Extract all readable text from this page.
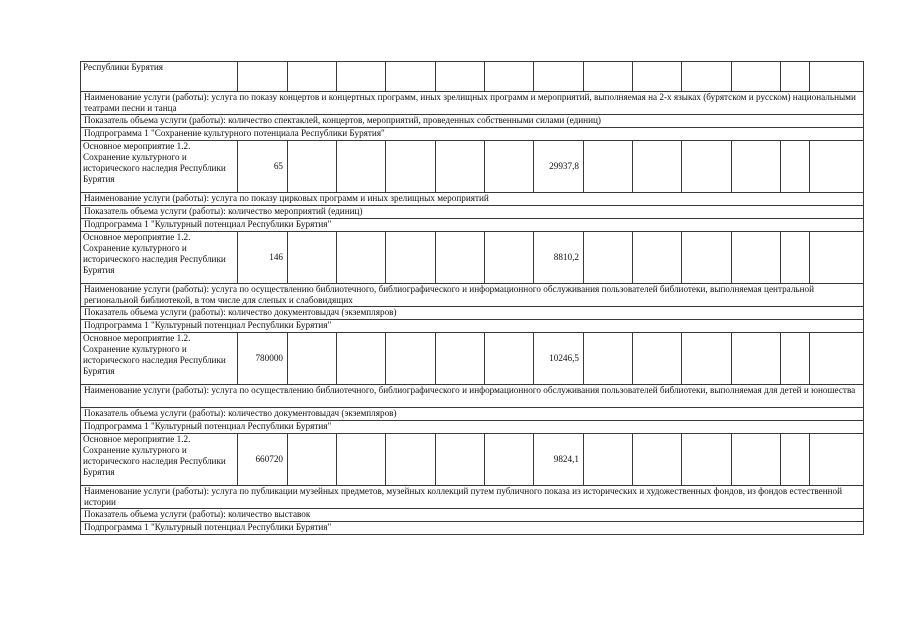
Республики Бурятия													
Наименование услуги (работы): услуга по показу концертов и концертных программ, иных зрелищных программ и мероприятий, выполняемая на 2-х языках (бурятском и русском) национальными театрами песни и танца													
Показатель объема услуги (работы): количество спектаклей, концертов, мероприятий, проведенных собственными силами (единиц)													
Подпрограмма 1 "Сохранение культурного потенциала Республики Бурятия"													
Основное мероприятие 1.2. Сохранение культурного и исторического наследия Республики Бурятия	65						29937,8						
Наименование услуги (работы): услуга по показу цирковых программ и иных зрелищных мероприятий													
Показатель объема услуги (работы): количество мероприятий (единиц)													
Подпрограмма 1 "Культурный потенциал Республики Бурятия"													
Основное мероприятие 1.2. Сохранение культурного и исторического наследия Республики Бурятия	146						8810,2						
Наименование услуги (работы): услуга по осуществлению библиотечного, библиографического и информационного обслуживания пользователей библиотеки, выполняемая центральной региональной библиотекой, в том числе для слепых и слабовидящих													
Показатель объема услуги (работы): количество документовыдач (экземпляров)													
Подпрограмма 1 "Культурный потенциал Республики Бурятия"													
Основное мероприятие 1.2. Сохранение культурного и исторического наследия Республики Бурятия	780000						10246,5						
Наименование услуги (работы): услуга по осуществлению библиотечного, библиографического и информационного обслуживания пользователей библиотеки, выполняемая для детей и юношества													
Показатель объема услуги (работы): количество документовыдач (экземпляров)													
Подпрограмма 1 "Культурный потенциал Республики Бурятия"													
Основное мероприятие 1.2. Сохранение культурного и исторического наследия Республики Бурятия	660720						9824,1						
Наименование услуги (работы): услуга по публикации музейных предметов, музейных коллекций путем публичного показа из исторических и художественных фондов, из фондов естественной истории													
Показатель объема услуги (работы): количество выставок													
Подпрограмма 1 "Культурный потенциал Республики Бурятия"													
